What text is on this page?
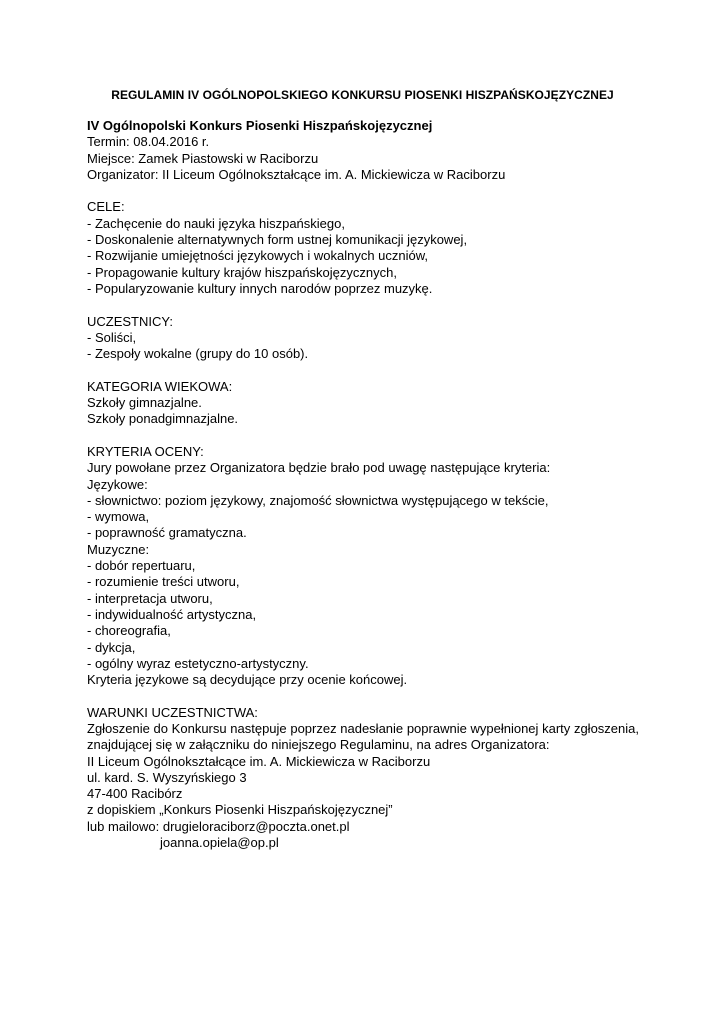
REGULAMIN IV OGÓLNOPOLSKIEGO KONKURSU PIOSENKI HISZPAŃSKOJĘZYCZNEJ
IV Ogólnopolski Konkurs Piosenki Hiszpańskojęzycznej
Termin: 08.04.2016 r.
Miejsce: Zamek Piastowski w Raciborzu
Organizator: II Liceum Ogólnokształcące im. A. Mickiewicza w Raciborzu
CELE:
- Zachęcenie do nauki języka hiszpańskiego,
- Doskonalenie alternatywnych form ustnej komunikacji językowej,
- Rozwijanie umiejętności językowych i wokalnych uczniów,
- Propagowanie kultury krajów hiszpańskojęzycznych,
- Popularyzowanie kultury innych narodów poprzez muzykę.
UCZESTNICY:
- Soliści,
- Zespoły wokalne (grupy do 10 osób).
KATEGORIA WIEKOWA:
Szkoły gimnazjalne.
Szkoły ponadgimnazjalne.
KRYTERIA OCENY:
Jury powołane przez Organizatora będzie brało pod uwagę następujące kryteria:
Językowe:
- słownictwo: poziom językowy, znajomość słownictwa występującego w tekście,
- wymowa,
- poprawność gramatyczna.
Muzyczne:
- dobór repertuaru,
- rozumienie treści utworu,
- interpretacja utworu,
- indywidualność artystyczna,
- choreografia,
- dykcja,
- ogólny wyraz estetyczno-artystyczny.
Kryteria językowe są decydujące przy ocenie końcowej.
WARUNKI UCZESTNICTWA:
Zgłoszenie do Konkursu następuje poprzez nadesłanie poprawnie wypełnionej karty zgłoszenia, znajdującej się w załączniku do niniejszego Regulaminu, na adres Organizatora:
II Liceum Ogólnokształcące im. A. Mickiewicza w Raciborzu
ul. kard. S. Wyszyńskiego 3
47-400 Racibórz
z dopiskiem „Konkurs Piosenki Hiszpańskojęzycznej”
lub mailowo: drugieloraciborz@poczta.onet.pl
joanna.opiela@op.pl
